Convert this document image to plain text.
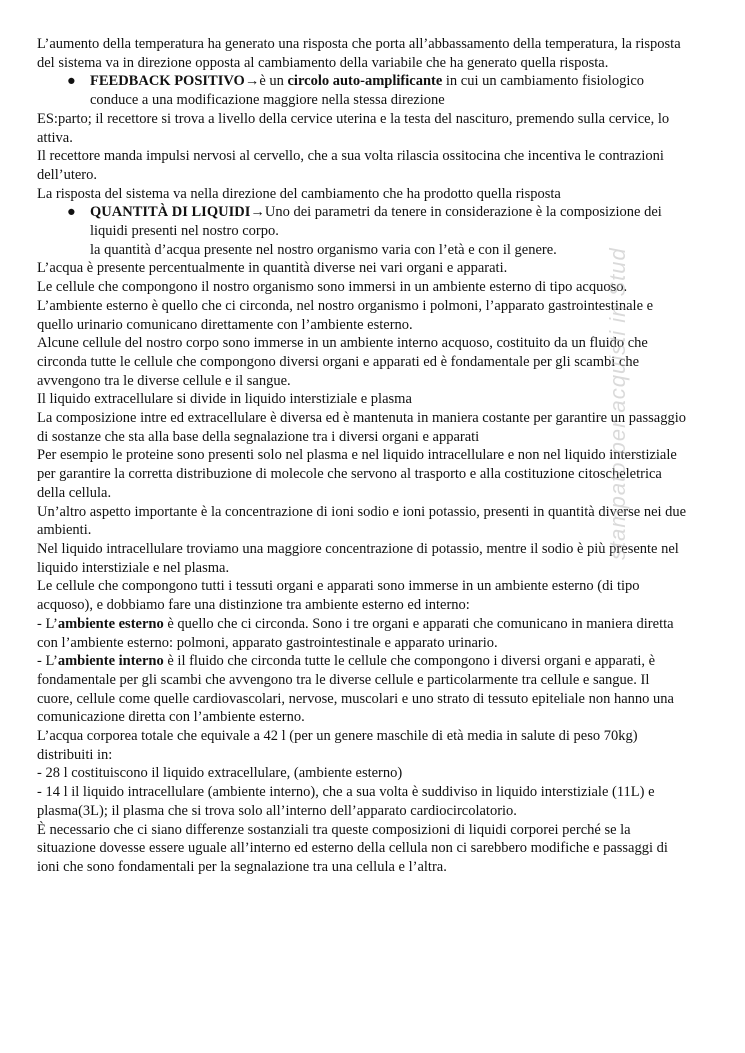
L’aumento della temperatura ha generato una risposta che porta all’abbassamento della temperatura, la risposta del sistema va in direzione opposta al cambiamento della variabile che ha generato quella risposta.

● FEEDBACK POSITIVO→è un circolo auto-amplificante in cui un cambiamento fisiologico conduce a una modificazione maggiore nella stessa direzione

ES:parto; il recettore si trova a livello della cervice uterina e la testa del nascituro, premendo sulla cervice, lo attiva.

Il recettore manda impulsi nervosi al cervello, che a sua volta rilascia ossitocina che incentiva le contrazioni dell’utero.

La risposta del sistema va nella direzione del cambiamento che ha prodotto quella risposta

● QUANTITÀ DI LIQUIDI→Uno dei parametri da tenere in considerazione è la composizione dei liquidi presenti nel nostro corpo.

la quantità d’acqua presente nel nostro organismo varia con l’età e con il genere.

L’acqua è presente percentualmente in quantità diverse nei vari organi e apparati.

Le cellule che compongono il nostro organismo sono immersi in un ambiente esterno di tipo acquoso.

L’ambiente esterno è quello che ci circonda, nel nostro organismo i polmoni, l’apparato gastrointestinale e quello urinario comunicano direttamente con l’ambiente esterno.

Alcune cellule del nostro corpo sono immerse in un ambiente interno acquoso, costituito da un fluido che circonda tutte le cellule che compongono diversi organi e apparati ed è fondamentale per gli scambi che avvengono tra le diverse cellule e il sangue.

Il liquido extracellulare si divide in liquido interstiziale e plasma

La composizione intre ed extracellulare è diversa ed è mantenuta in maniera costante per garantire un passaggio di sostanze che sta alla base della segnalazione tra i diversi organi e apparati

Per esempio le proteine sono presenti solo nel plasma e nel liquido intracellulare e non nel liquido interstiziale per garantire la corretta distribuzione di molecole che servono al trasporto e alla costituzione citoscheletrica della cellula.

Un’altro aspetto importante è la concentrazione di ioni sodio e ioni potassio, presenti in quantità diverse nei due ambienti.

Nel liquido intracellulare troviamo una maggiore concentrazione di potassio, mentre il sodio è più presente nel liquido interstiziale e nel plasma.

Le cellule che compongono tutti i tessuti organi e apparati sono immerse in un ambiente esterno (di tipo acquoso), e dobbiamo fare una distinzione tra ambiente esterno ed interno:

- L’ambiente esterno è quello che ci circonda. Sono i tre organi e apparati che comunicano in maniera diretta con l’ambiente esterno: polmoni, apparato gastrointestinale e apparato urinario.

- L’ambiente interno è il fluido che circonda tutte le cellule che compongono i diversi organi e apparati, è fondamentale per gli scambi che avvengono tra le diverse cellule e particolarmente tra cellule e sangue. Il cuore, cellule come quelle cardiovascolari, nervose, muscolari e uno strato di tessuto epiteliale non hanno una comunicazione diretta con l’ambiente esterno.

L’acqua corporea totale che equivale a 42 l (per un genere maschile di età media in salute di peso 70kg) distribuiti in:

- 28 l costituiscono il liquido extracellulare, (ambiente esterno)

- 14 l il liquido intracellulare (ambiente interno), che a sua volta è suddiviso in liquido interstiziale (11L) e plasma(3L); il plasma che si trova solo all’interno dell’apparato cardiocircolatorio.

È necessario che ci siano differenze sostanziali tra queste composizioni di liquidi corporei perché se la situazione dovesse essere uguale all’interno ed esterno della cellula non ci sarebbero modifiche e passaggi di ioni che sono fondamentali per la segnalazione tra una cellula e l’altra.

stampato per acquisti in Stud
